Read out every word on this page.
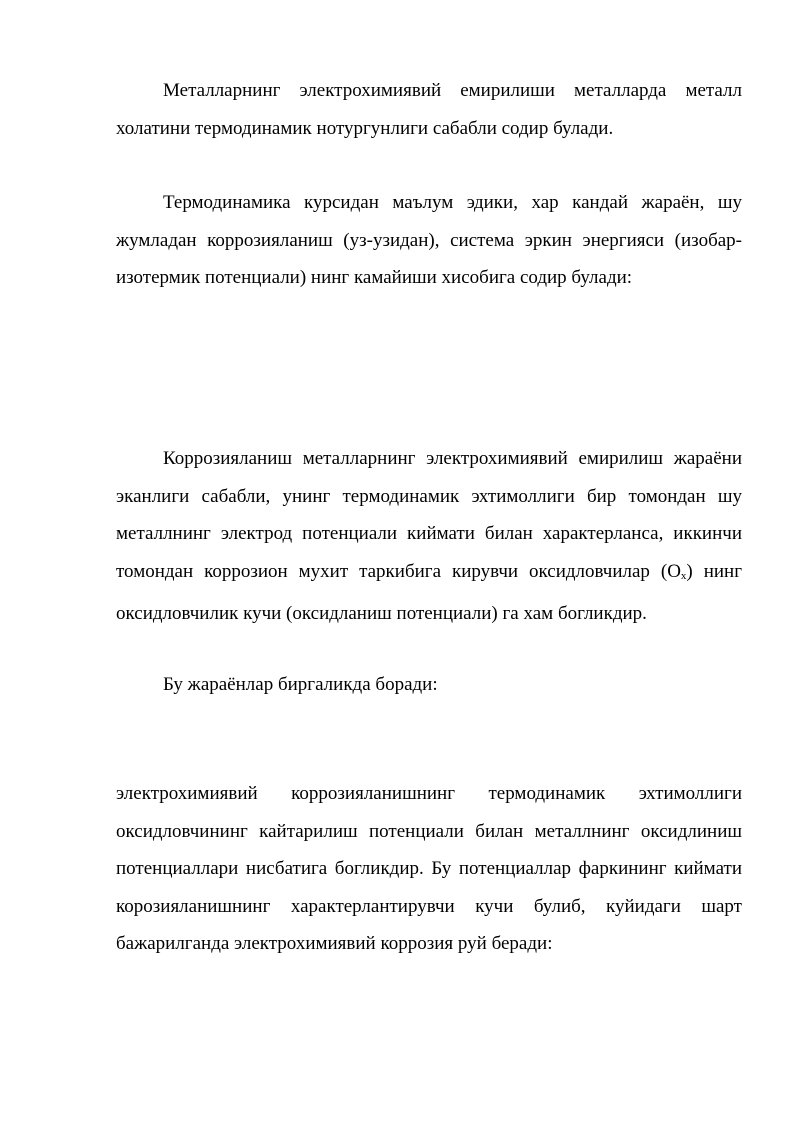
Металларнинг электрохимиявий емирилиши металларда металл холатини термодинамик нотургунлиги сабабли содир булади.

Термодинамика курсидан маълум эдики, хар кандай жараён, шу жумладан коррозияланиш (уз-узидан), система эркин энергияси (изобар-изотермик потенциали) нинг камайиши хисобига содир булади:

Коррозияланиш металларнинг электрохимиявий емирилиш жараёни эканлиги сабабли, унинг термодинамик эхтимоллиги бир томондан шу металлнинг электрод потенциали киймати билан характерланса, иккинчи томондан коррозион мухит таркибига кирувчи оксидловчилар (Ox) нинг оксидловчилик кучи (оксидланиш потенциали) га хам богликдир.

Бу жараёнлар биргаликда боради:

электрохимиявий коррозияланишнинг термодинамик эхтимоллиги оксидловчининг кайтарилиш потенциали билан металлнинг оксидлиниш потенциаллари нисбатига богликдир. Бу потенциаллар фаркининг киймати корозияланишнинг характерлантирувчи кучи булиб, куйидаги шарт бажарилганда электрохимиявий коррозия руй беради:
